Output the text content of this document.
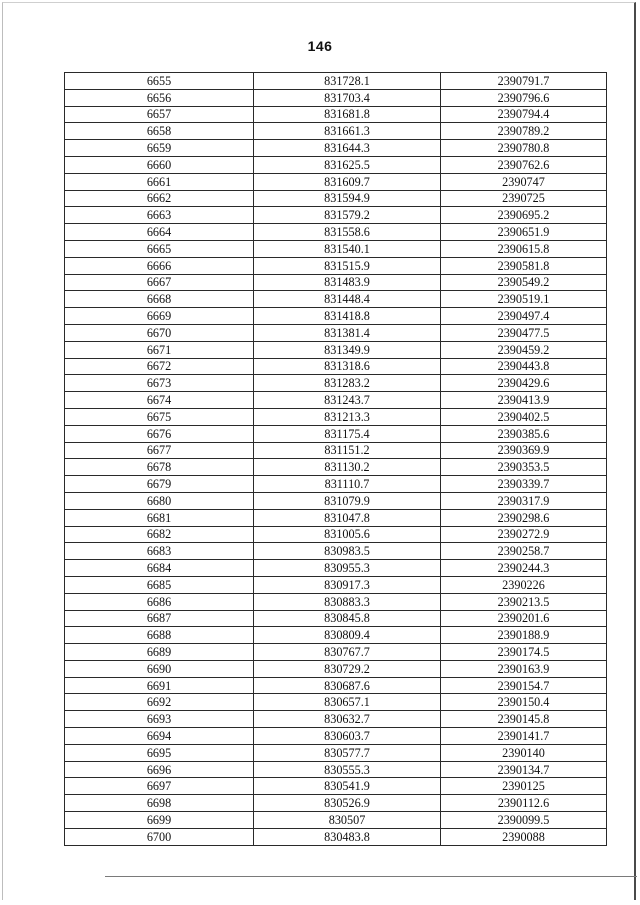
146
6655	831728.1	2390791.7
6656	831703.4	2390796.6
6657	831681.8	2390794.4
6658	831661.3	2390789.2
6659	831644.3	2390780.8
6660	831625.5	2390762.6
6661	831609.7	2390747
6662	831594.9	2390725
6663	831579.2	2390695.2
6664	831558.6	2390651.9
6665	831540.1	2390615.8
6666	831515.9	2390581.8
6667	831483.9	2390549.2
6668	831448.4	2390519.1
6669	831418.8	2390497.4
6670	831381.4	2390477.5
6671	831349.9	2390459.2
6672	831318.6	2390443.8
6673	831283.2	2390429.6
6674	831243.7	2390413.9
6675	831213.3	2390402.5
6676	831175.4	2390385.6
6677	831151.2	2390369.9
6678	831130.2	2390353.5
6679	831110.7	2390339.7
6680	831079.9	2390317.9
6681	831047.8	2390298.6
6682	831005.6	2390272.9
6683	830983.5	2390258.7
6684	830955.3	2390244.3
6685	830917.3	2390226
6686	830883.3	2390213.5
6687	830845.8	2390201.6
6688	830809.4	2390188.9
6689	830767.7	2390174.5
6690	830729.2	2390163.9
6691	830687.6	2390154.7
6692	830657.1	2390150.4
6693	830632.7	2390145.8
6694	830603.7	2390141.7
6695	830577.7	2390140
6696	830555.3	2390134.7
6697	830541.9	2390125
6698	830526.9	2390112.6
6699	830507	2390099.5
6700	830483.8	2390088
